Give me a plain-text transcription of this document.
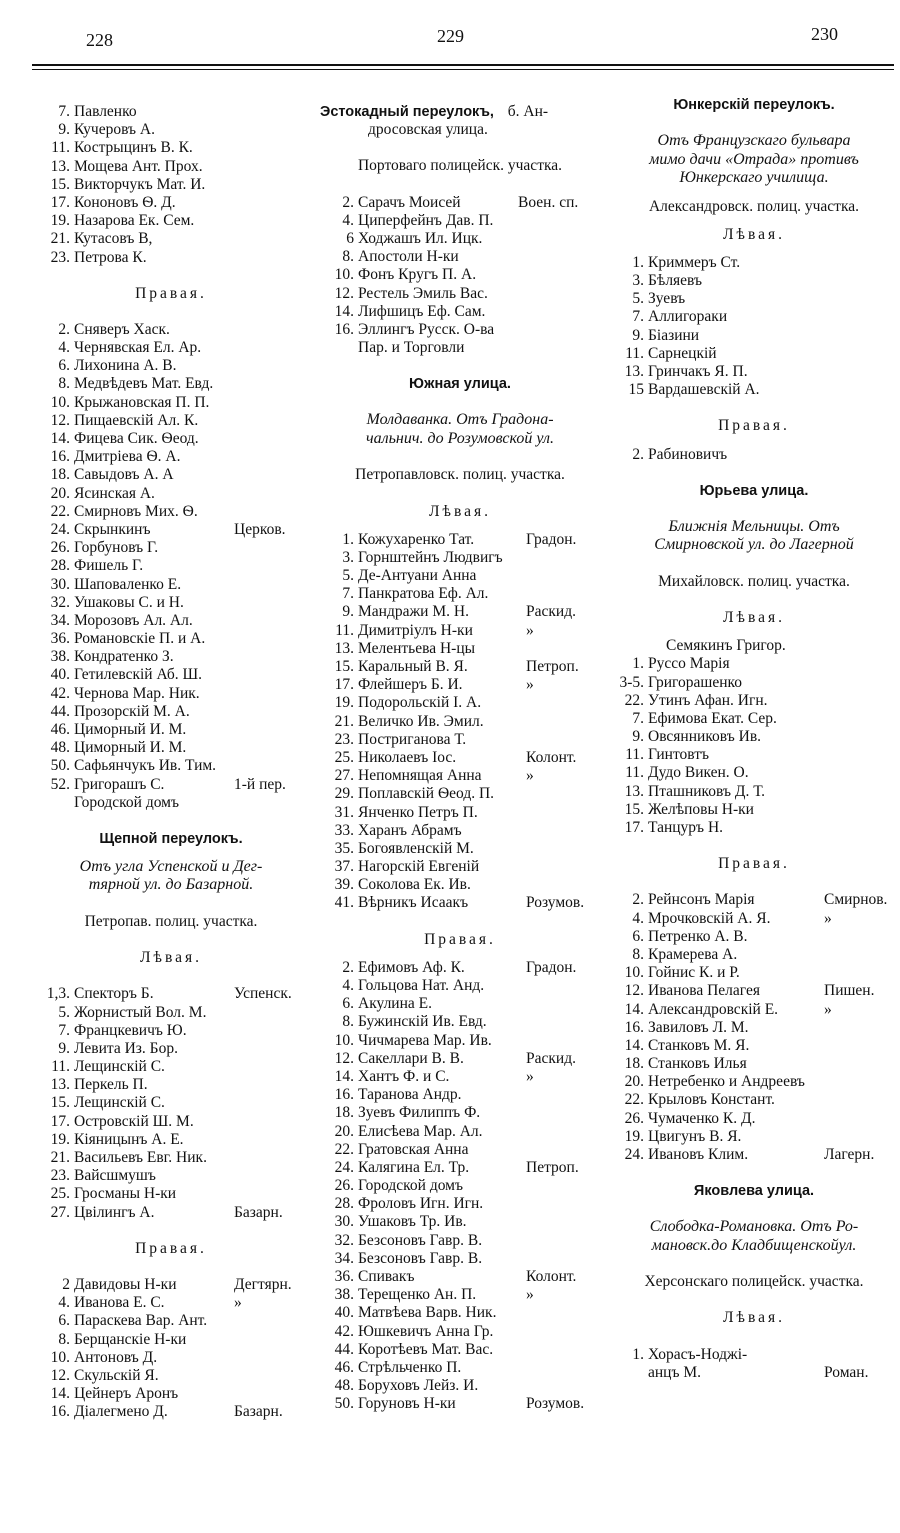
228	229	230
7. Павленко
9. Кучеровъ А.
11. Кострыцинъ В. К.
13. Мощева Ант. Прох.
15. Викторчукъ Мат. И.
17. Кононовъ Ѳ. Д.
19. Назарова Ек. Сем.
21. Кутасовъ В,
23. Петрова К.
Правая.
2. Сняверъ Хаск.
4. Чернявская Ел. Ар.
6. Лихонина А. В.
8. Медвѣдевъ Мат. Евд.
10. Крыжановская П. П.
12. Пищаевскій Ал. К.
14. Фицева Сик. Ѳеод.
16. Дмитріева Ѳ. А.
18. Савыдовъ А. А
20. Ясинская А.
22. Смирновъ Мих. Ѳ.
24. Скрынкинъ	Церков.
26. Горбуновъ Г.
28. Фишель Г.
30. Шаповаленко Е.
32. Ушаковы С. и Н.
34. Морозовъ Ал. Ал.
36. Романовскіе П. и А.
38. Кондратенко З.
40. Гетилевскій Аб. Ш.
42. Чернова Мар. Ник.
44. Прозорскій М. А.
46. Циморный И. М.
48. Циморный И. М.
50. Сафьянчукъ Ив. Тим.
52. Григорашъ С.	1-й пер.
Городской домъ
Щепной переулокъ.
Отъ угла Успенской и Дег-
тярной ул. до Базарной.
Петропав. полиц. участка.
Лѣвая.
1,3. Спекторъ Б.	Успенск.
5. Жорнистый Вол. М.
7. Францкевичъ Ю.
9. Левита Из. Бор.
11. Лещинскій С.
13. Перкель П.
15. Лещинскій С.
17. Островскій Ш. М.
19. Кіяницынъ А. Е.
21. Васильевъ Евг. Ник.
23. Вайсшмушъ
25. Гросманы Н-ки
27. Цвілингъ А.	Базарн.
Правая.
2 Давидовы Н-ки	Дегтярн.
4. Иванова Е. С.	»
6. Параскева Вар. Ант.
8. Берщанскіе Н-ки
10. Антоновъ Д.
12. Скульскій Я.
14. Цейнеръ Аронъ
16. Діалегмено Д.	Базарн.
Эстокадный переулокъ, б. Ан-
дросовская улица.
Портоваго полицейск. участка.
2. Сарачъ Моисей	Воен. сп.
4. Циперфейнъ Дав. П.
6 Ходжашъ Ил. Ицк.
8. Апостоли Н-ки
10. Фонъ Кругъ П. А.
12. Рестель Эмиль Вас.
14. Лифшицъ Еф. Сам.
16. Эллингъ Русск. О-ва
Пар. и Торговли
Южная улица.
Молдаванка. Отъ Градона-
чальнич. до Розумовской ул.
Петропавловск. полиц. участка.
Лѣвая.
1. Кожухаренко Тат.	Градон.
3. Горнштейнъ Людвигъ
5. Де-Антуани Анна
7. Панкратова Еф. Ал.
9. Мандражи М. Н.	Раскид.
11. Димитріулъ Н-ки	»
13. Мелентьева Н-цы
15. Каральный В. Я.	Петроп.
17. Флейшеръ Б. И.	»
19. Подорольскій І. А.
21. Величко Ив. Эмил.
23. Постриганова Т.
25. Николаевъ Іос.	Колонт.
27. Непомнящая Анна	»
29. Поплавскій Ѳеод. П.
31. Янченко Петръ П.
33. Харанъ Абрамъ
35. Богоявленскій М.
37. Нагорскій Евгеній
39. Соколова Ек. Ив.
41. Вѣрникъ Исаакъ	Розумов.
Правая.
2. Ефимовъ Аф. К.	Градон.
4. Гольцова Нат. Анд.
6. Акулина Е.
8. Бужинскій Ив. Евд.
10. Чичмарева Мар. Ив.
12. Сакеллари В. В.	Раскид.
14. Хантъ Ф. и С.	»
16. Таранова Андр.
18. Зуевъ Филиппъ Ф.
20. Елисѣева Мар. Ал.
22. Гратовская Анна
24. Калягина Ел. Тр.	Петроп.
26. Городской домъ
28. Фроловъ Игн. Игн.
30. Ушаковъ Тр. Ив.
32. Безсоновъ Гавр. В.
34. Безсоновъ Гавр. В.
36. Спивакъ	Колонт.
38. Терещенко Ан. П.	»
40. Матвѣева Варв. Ник.
42. Юшкевичъ Анна Гр.
44. Коротѣевъ Мат. Вас.
46. Стрѣльченко П.
48. Боруховъ Лейз. И.
50. Горуновъ Н-ки	Розумов.
Юнкерскій переулокъ.
Отъ Французскаго бульвара
мимо дачи «Отрада» противъ
Юнкерскаго училища.
Александровск. полиц. участка.
Лѣвая.
1. Криммеръ Ст.
3. Бѣляевъ
5. Зуевъ
7. Аллигораки
9. Біазини
11. Сарнецкій
13. Гринчакъ Я. П.
15 Вардашевскій А.
Правая.
2. Рабиновичъ
Юрьева улица.
Ближнія Мельницы. Отъ
Смирновской ул. до Лагерной
Михайловск. полиц. участка.
Лѣвая.
Семякинъ Григор.
1. Руссо Марія
3-5. Григорашенко
22. Утинъ Афан. Игн.
7. Ефимова Екат. Сер.
9. Овсянниковъ Ив.
11. Гинтовтъ
11. Дудо Викен. О.
13. Пташниковъ Д. Т.
15. Желѣповы Н-ки
17. Танцуръ Н.
Правая.
2. Рейнсонъ Марія	Смирнов.
4. Мрочковскій А. Я.	»
6. Петренко А. В.
8. Крамерева А.
10. Гойнис К. и Р.
12. Иванова Пелагея	Пишен.
14. Александровскій Е.	»
16. Завиловъ Л. М.
14. Станковъ М. Я.
18. Станковъ Илья
20. Нетребенко и Андреевъ
22. Крыловъ Констант.
26. Чумаченко К. Д.
19. Цвигунъ В. Я.
24. Ивановъ Клим.	Лагерн.
Яковлева улица.
Слободка-Романовка. Отъ Ро-
мановск.до Кладбищенскойул.
Херсонскаго полицейск. участка.
Лѣвая.
1. Хорасъ-Ноджі-
анцъ М.	Роман.
